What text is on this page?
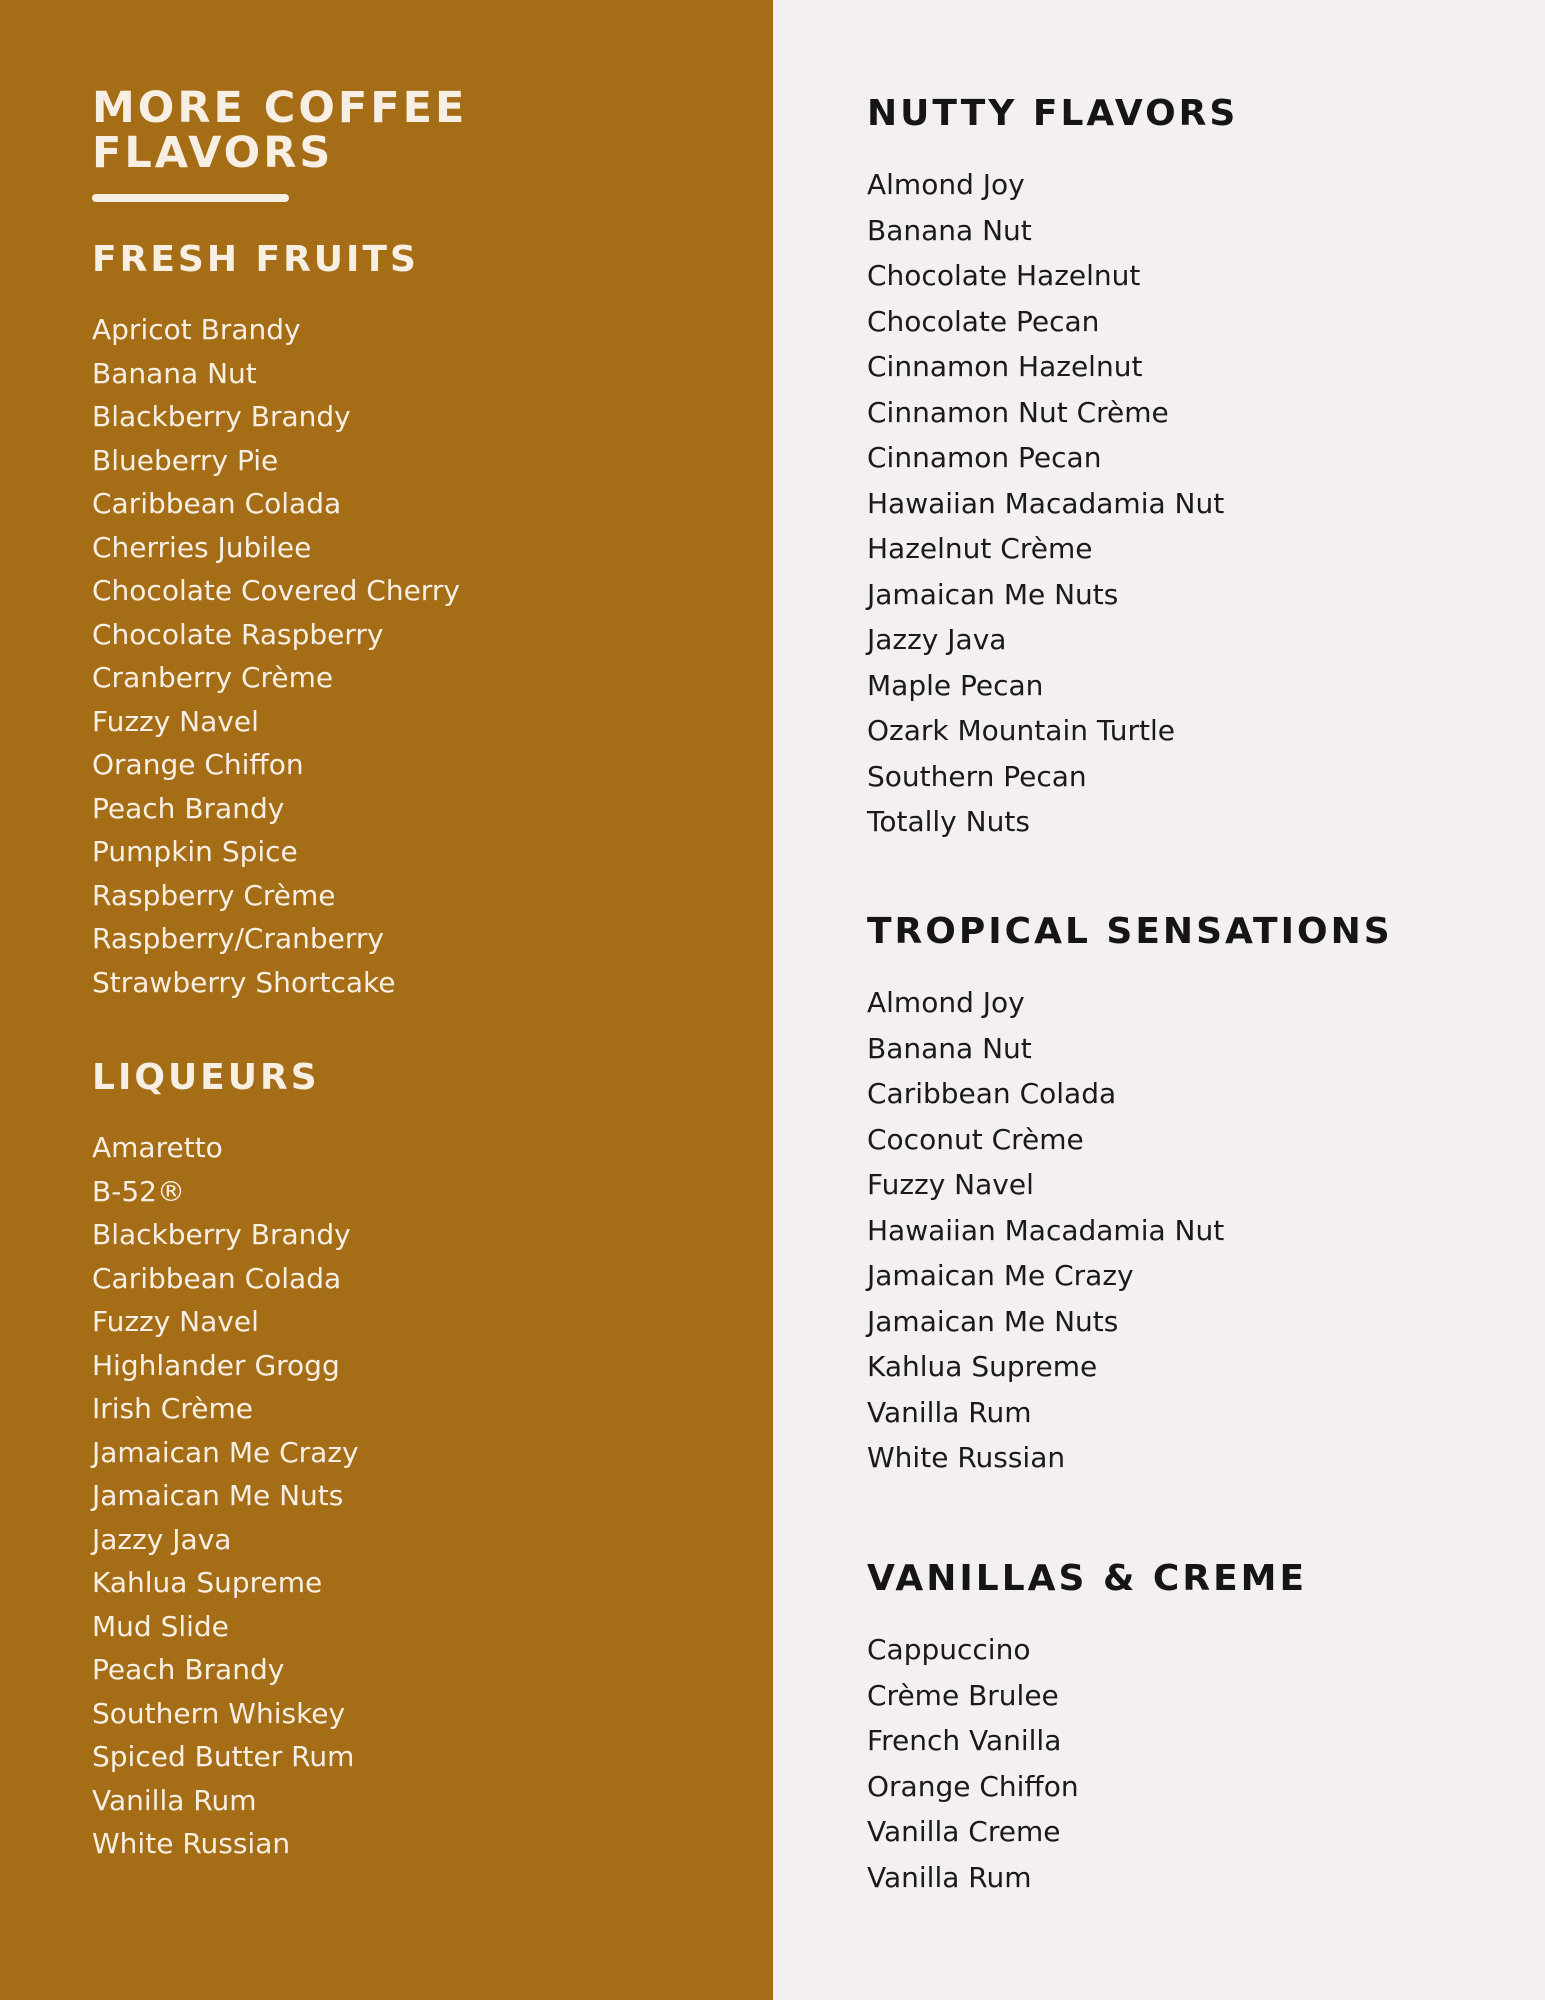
MORE COFFEE
FLAVORS
FRESH FRUITS
Apricot Brandy
Banana Nut
Blackberry Brandy
Blueberry Pie
Caribbean Colada
Cherries Jubilee
Chocolate Covered Cherry
Chocolate Raspberry
Cranberry Crème
Fuzzy Navel
Orange Chiffon
Peach Brandy
Pumpkin Spice
Raspberry Crème
Raspberry/Cranberry
Strawberry Shortcake
LIQUEURS
Amaretto
B-52®
Blackberry Brandy
Caribbean Colada
Fuzzy Navel
Highlander Grogg
Irish Crème
Jamaican Me Crazy
Jamaican Me Nuts
Jazzy Java
Kahlua Supreme
Mud Slide
Peach Brandy
Southern Whiskey
Spiced Butter Rum
Vanilla Rum
White Russian
NUTTY FLAVORS
Almond Joy
Banana Nut
Chocolate Hazelnut
Chocolate Pecan
Cinnamon Hazelnut
Cinnamon Nut Crème
Cinnamon Pecan
Hawaiian Macadamia Nut
Hazelnut Crème
Jamaican Me Nuts
Jazzy Java
Maple Pecan
Ozark Mountain Turtle
Southern Pecan
Totally Nuts
TROPICAL SENSATIONS
Almond Joy
Banana Nut
Caribbean Colada
Coconut Crème
Fuzzy Navel
Hawaiian Macadamia Nut
Jamaican Me Crazy
Jamaican Me Nuts
Kahlua Supreme
Vanilla Rum
White Russian
VANILLAS & CREME
Cappuccino
Crème Brulee
French Vanilla
Orange Chiffon
Vanilla Creme
Vanilla Rum
